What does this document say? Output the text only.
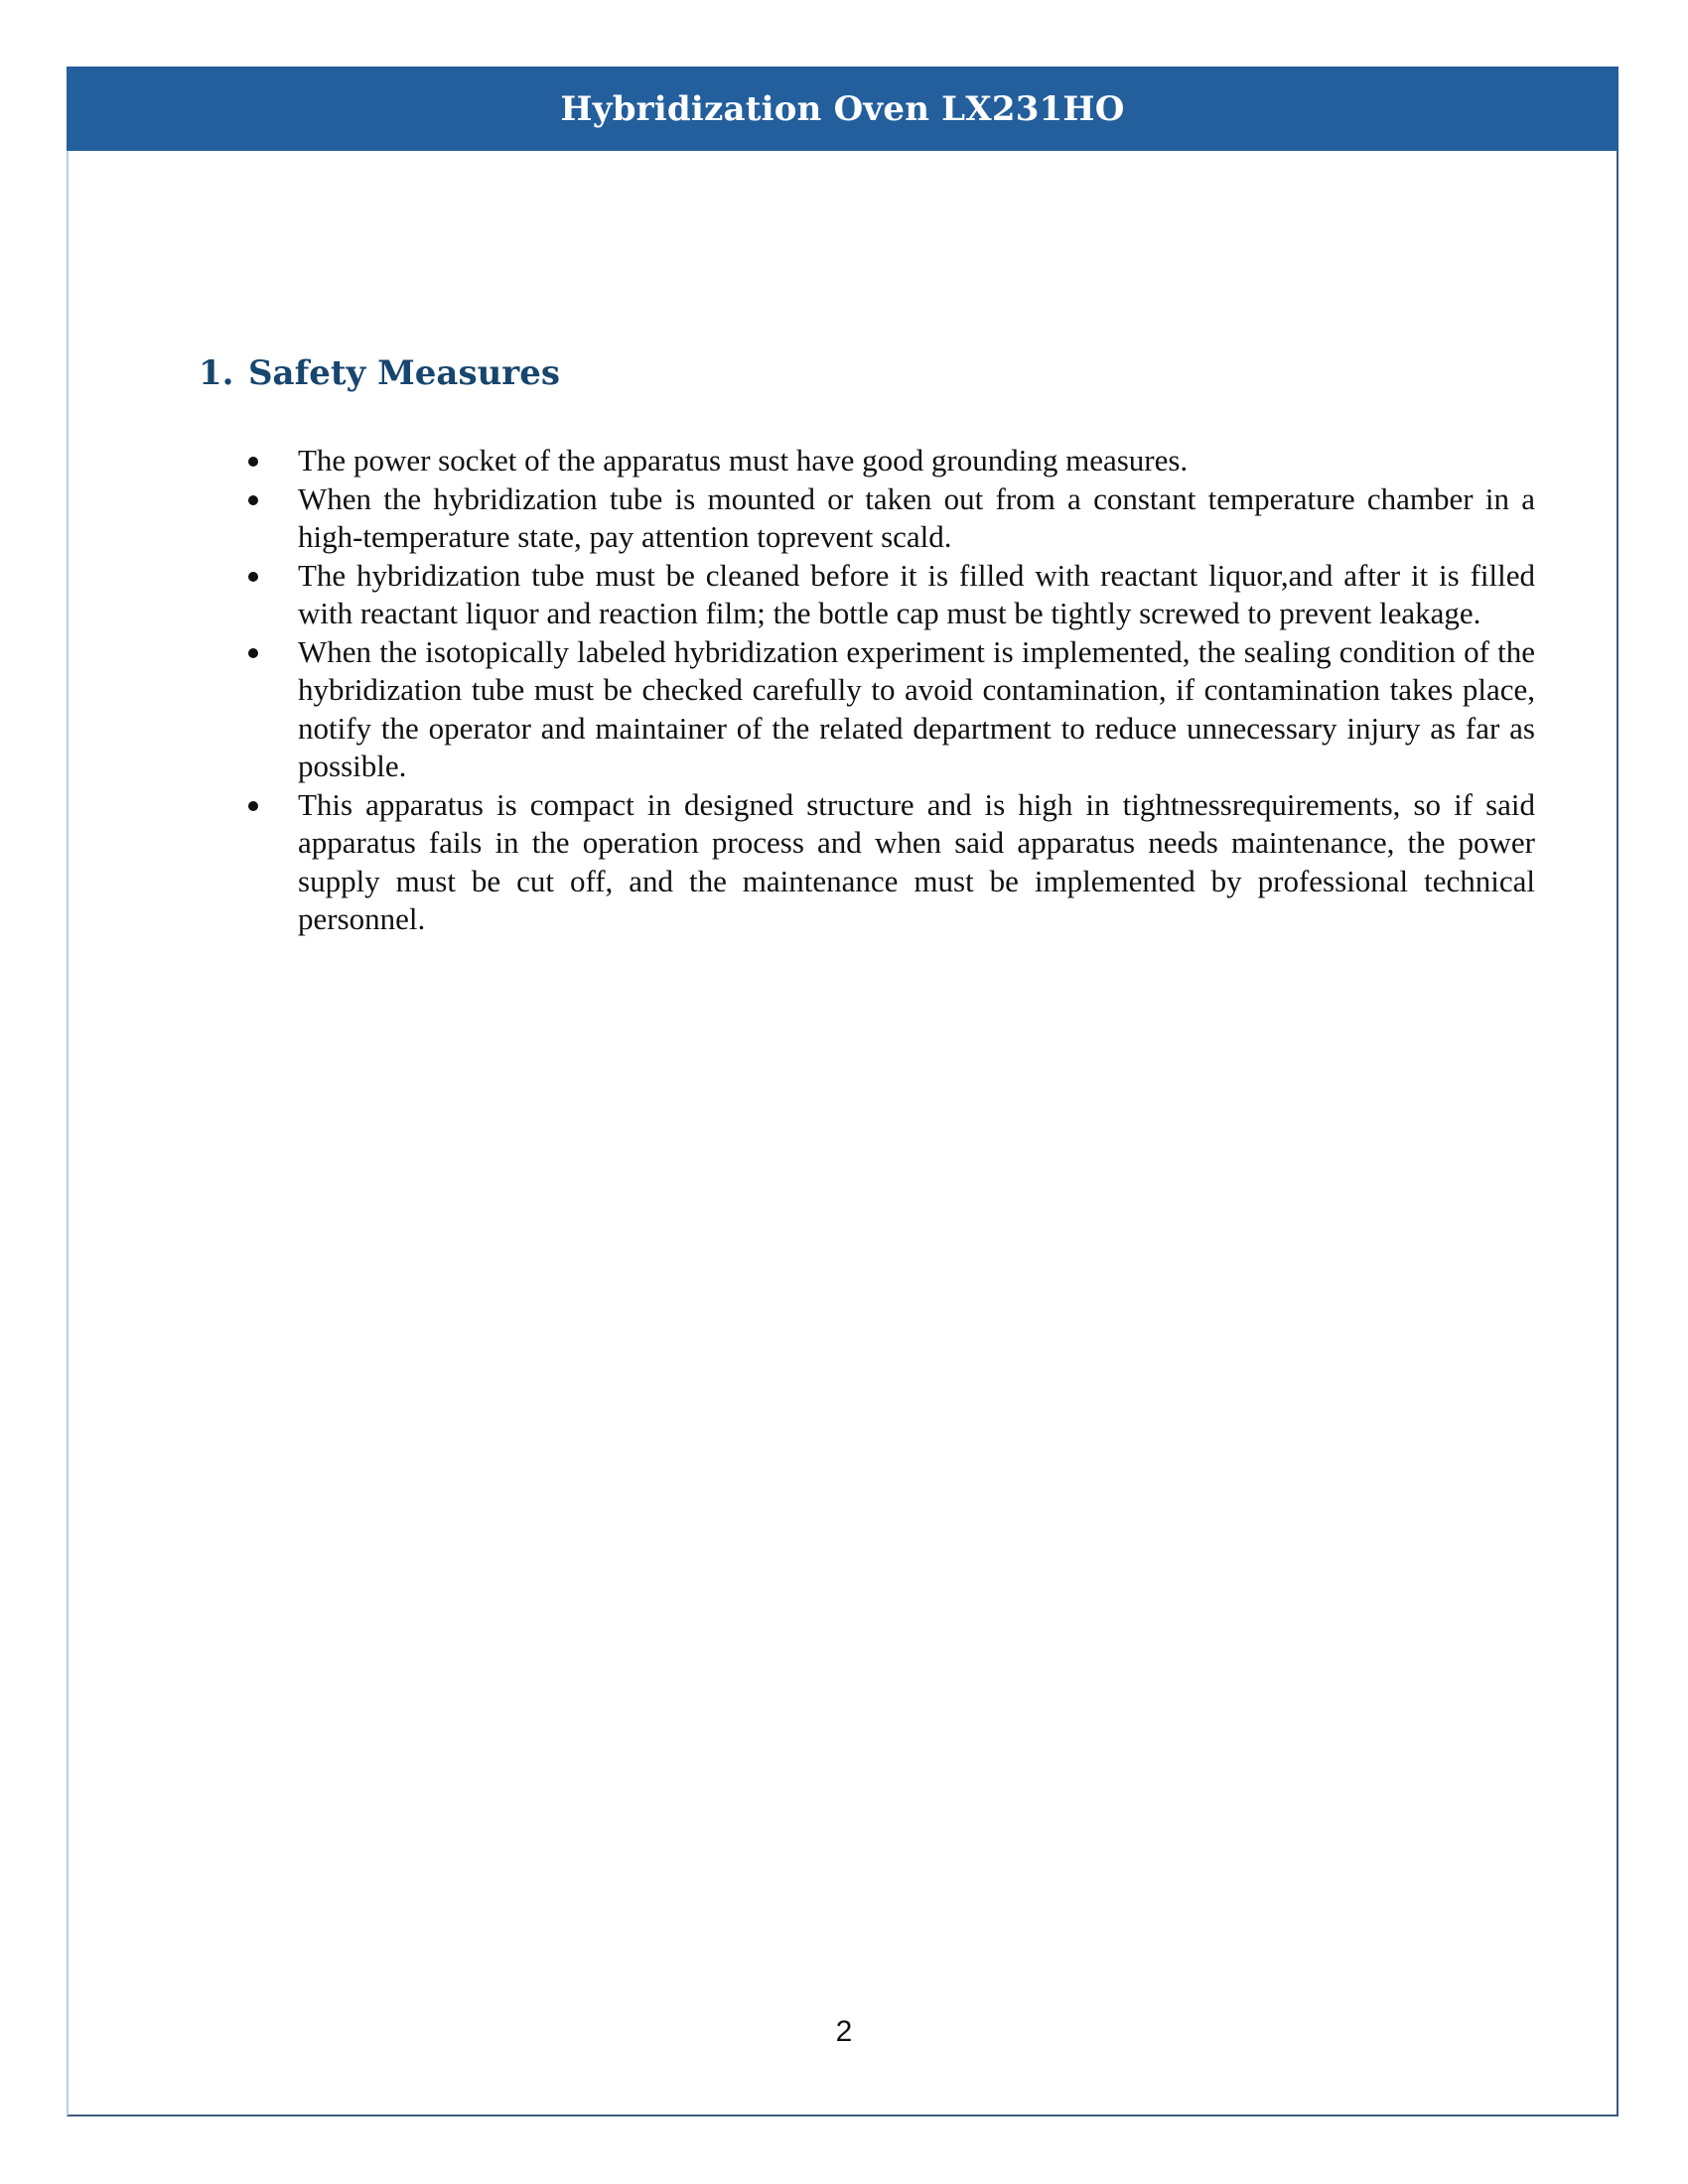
Hybridization Oven LX231HO
1. Safety Measures
The power socket of the apparatus must have good grounding measures.
When the hybridization tube is mounted or taken out from a constant temperature chamber in a high-temperature state, pay attention toprevent scald.
The hybridization tube must be cleaned before it is filled with reactant liquor,and after it is filled with reactant liquor and reaction film; the bottle cap must be tightly screwed to prevent leakage.
When the isotopically labeled hybridization experiment is implemented, the sealing condition of the hybridization tube must be checked carefully to avoid contamination, if contamination takes place, notify the operator and maintainer of the related department to reduce unnecessary injury as far as possible.
This apparatus is compact in designed structure and is high in tightnessrequirements, so if said apparatus fails in the operation process and when said apparatus needs maintenance, the power supply must be cut off, and the maintenance must be implemented by professional technical personnel.
2
